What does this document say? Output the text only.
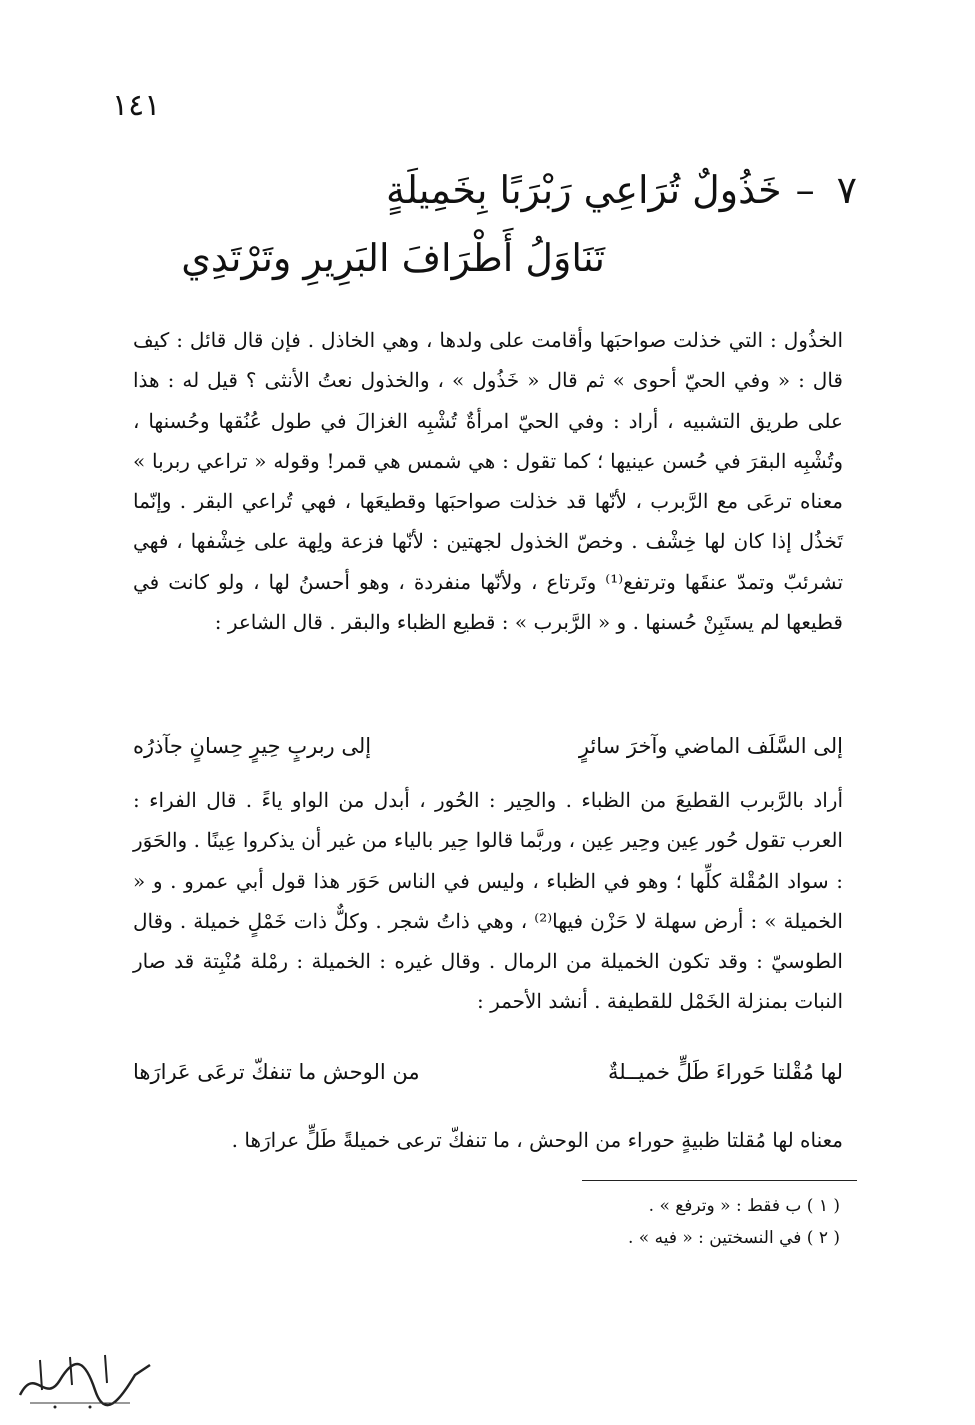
١٤١
٧–خَذُولٌ تُرَاعِي رَبْرَبًا بِخَمِيلَةٍ
تَنَاوَلُ أَطْرَافَ البَرِيرِ وتَرْتَدِي

الخذُول : التي خذلت صواحبَها وأقامت على ولدها ، وهي الخاذل . فإن قال قائل : كيف قال : « وفي الحيّ أحوى » ثم قال « خَذُول » ، والخذول نعتُ الأنثى ؟ قيل له : هذا على طريق التشبيه ، أراد : وفي الحيّ امرأةٌ تُشْبِه الغزالَ في طول عُنُقها وحُسنها ، وتُشْبِه البقرَ في حُسن عينيها ؛ كما تقول : هي شمس هي قمر! وقوله « تراعي ربربا » معناه ترعَى مع الرَّبرب ، لأنّها قد خذلت صواحبَها وقطيعَها ، فهي تُراعي البقر . وإنّما تَخذُل إذا كان لها خِشْف . وخصّ الخذول لجهتين : لأنّها فزعة ولِهة على خِشْفها ، فهي تشرئبّ وتمدّ عنقَها وترتفع⁽¹⁾ وتَرتاع ، ولأنّها منفردة ، وهو أحسنُ لها ، ولو كانت في قطيعها لم يستَبِنْ حُسنها . و « الرَّبرب » : قطيع الظباء والبقر . قال الشاعر :

إلى السَّلَف الماضي وآخرَ سائرٍ
إلى ربربٍ حِيرٍ حِسانٍ جآذرُه

أراد بالرَّبرب القطيعَ من الظباء . والحِير : الحُور ، أبدل من الواو ياءً . قال الفراء : العرب تقول حُور عِين وحِير عِين ، وربَّما قالوا حِير بالياء من غير أن يذكروا عِينًا . والحَوَر : سواد المُقْلة كلِّها ؛ وهو في الظباء ، وليس في الناس حَوَر هذا قول أبي عمرو . و « الخميلة » : أرض سهلة لا حَزْن فيها⁽²⁾ ، وهي ذاتُ شجر . وكلٌّ ذات خَمْلٍ خميلة . وقال الطوسيّ : وقد تكون الخميلة من الرمال . وقال غيره : الخميلة : رمْلة مُنْبِتة قد صار النبات بمنزلة الخَمْل للقطيفة . أنشد الأحمر :

لها مُقْلتا حَوراءَ طَلٍّ خميــلةٌ
من الوحش ما تنفكّ ترعَى عَرارَها

معناه لها مُقلتا ظبيةٍ حوراء من الوحش ، ما تنفكّ ترعى خميلةً طَلٍّ عرارَها .

( ١ ) ب فقط : « وترفع » .
( ٢ ) في النسختين : « فيه » .
